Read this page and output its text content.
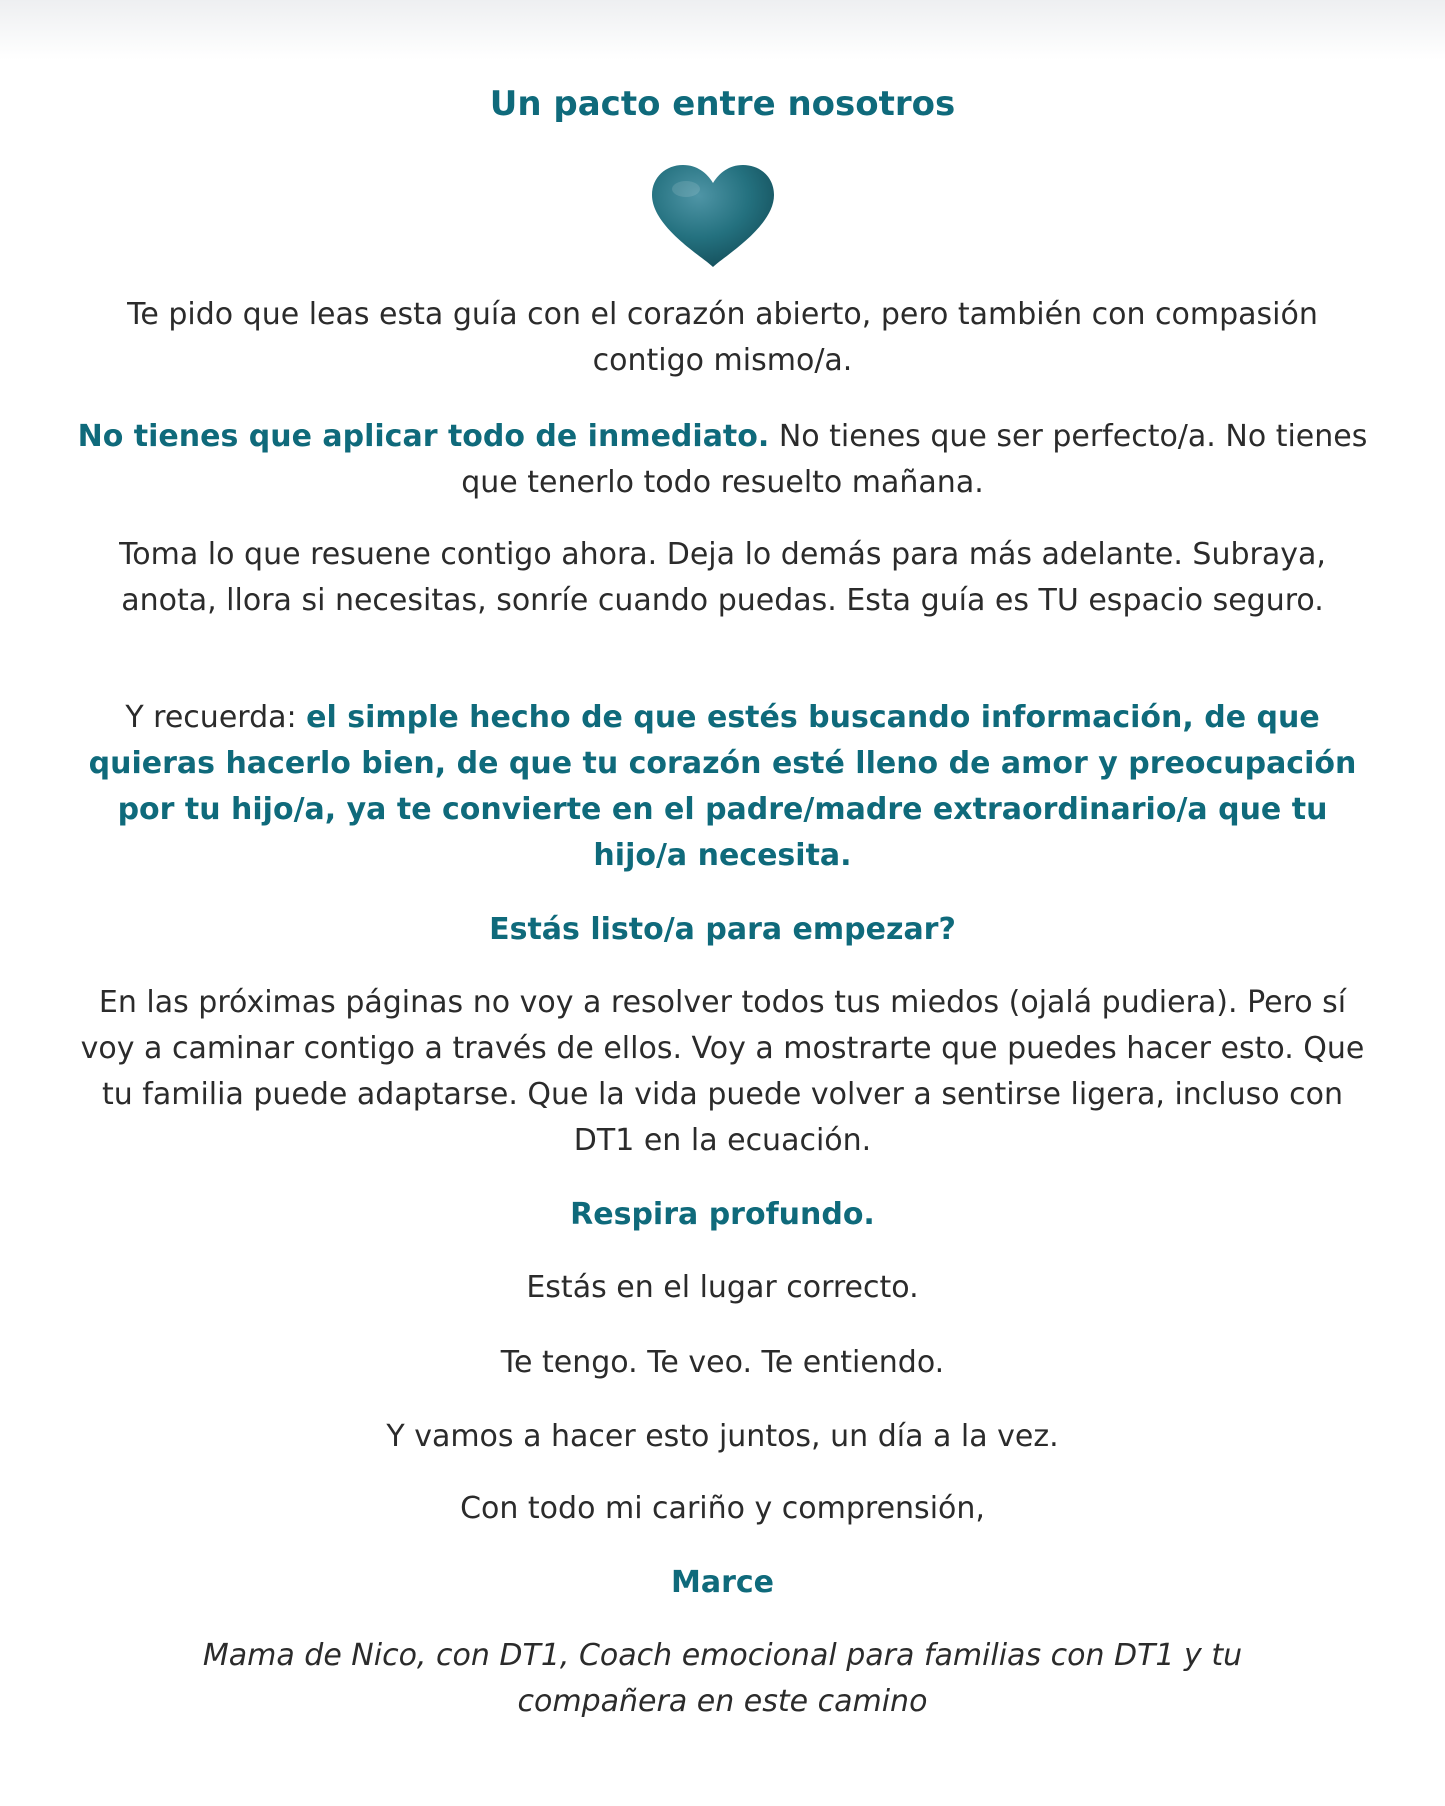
Un pacto entre nosotros
Te pido que leas esta guía con el corazón abierto, pero también con compasión contigo mismo/a.
No tienes que aplicar todo de inmediato. No tienes que ser perfecto/a. No tienes que tenerlo todo resuelto mañana.
Toma lo que resuene contigo ahora. Deja lo demás para más adelante. Subraya, anota, llora si necesitas, sonríe cuando puedas. Esta guía es TU espacio seguro.
Y recuerda: el simple hecho de que estés buscando información, de que quieras hacerlo bien, de que tu corazón esté lleno de amor y preocupación por tu hijo/a, ya te convierte en el padre/madre extraordinario/a que tu hijo/a necesita.
Estás listo/a para empezar?
En las próximas páginas no voy a resolver todos tus miedos (ojalá pudiera). Pero sí voy a caminar contigo a través de ellos. Voy a mostrarte que puedes hacer esto. Que tu familia puede adaptarse. Que la vida puede volver a sentirse ligera, incluso con DT1 en la ecuación.
Respira profundo.
Estás en el lugar correcto.
Te tengo. Te veo. Te entiendo.
Y vamos a hacer esto juntos, un día a la vez.
Con todo mi cariño y comprensión,
Marce
Mama de Nico, con DT1, Coach emocional para familias con DT1 y tu compañera en este camino
